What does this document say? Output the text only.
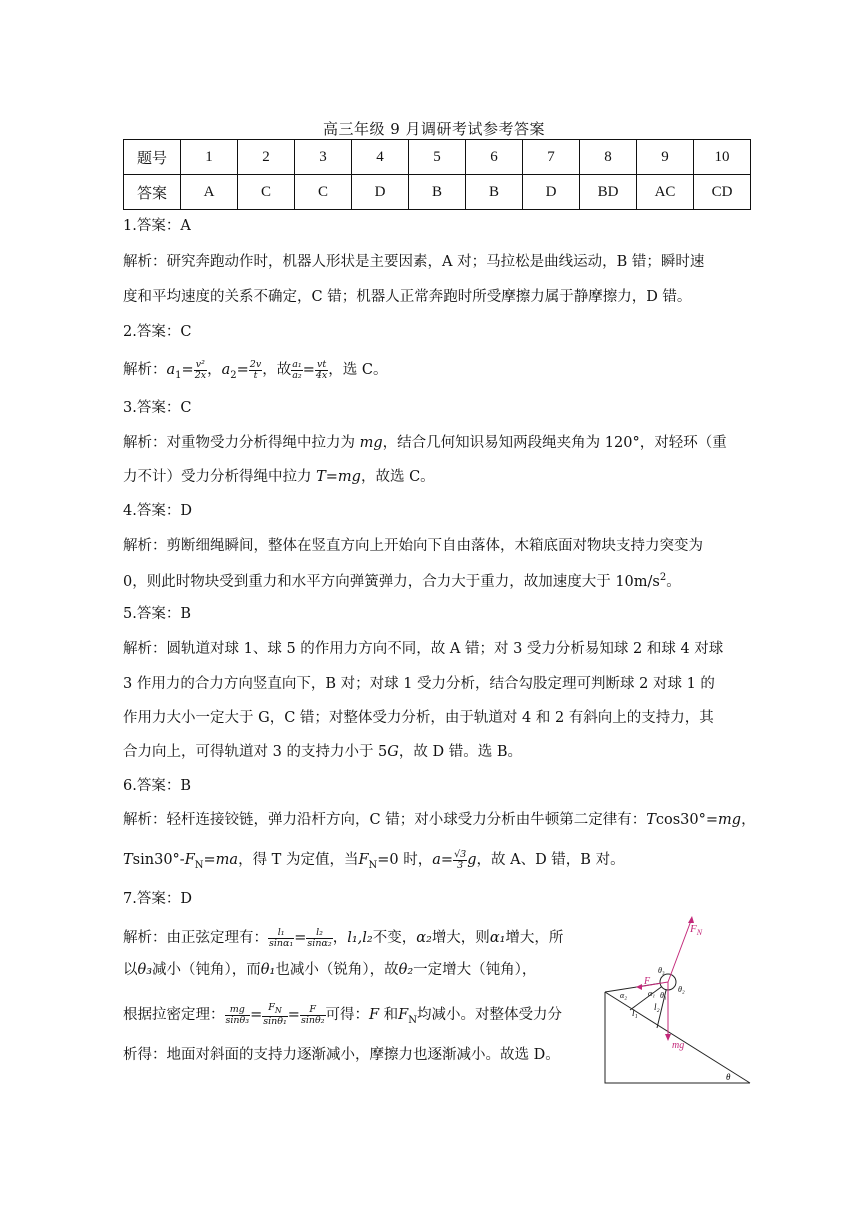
高三年级 9 月调研考试参考答案
题号	1	2	3	4	5	6	7	8	9	10
答案	A	C	C	D	B	B	D	BD	AC	CD
1.答案：A
解析：研究奔跑动作时，机器人形状是主要因素，A 对；马拉松是曲线运动，B 错；瞬时速
度和平均速度的关系不确定，C 错；机器人正常奔跑时所受摩擦力属于静摩擦力，D 错。
2.答案：C
解析：$a_1= \frac{\text{v²}}{2x}$ ，$a_2= \frac{2v}{t}$ ，故 $\frac{\text{a₁}}{\text{a₂}} = \frac{vt}{4x}$ ，选 C。
3.答案：C
解析：对重物受力分析得绳中拉力为 mg，结合几何知识易知两段绳夹角为 120°，对轻环（重
力不计）受力分析得绳中拉力 T=mg，故选 C。
4.答案：D
解析：剪断细绳瞬间，整体在竖直方向上开始向下自由落体，木箱底面对物块支持力突变为
0，则此时物块受到重力和水平方向弹簧弹力，合力大于重力，故加速度大于 $10m/s^2$。
5.答案：B
解析：圆轨道对球 1、球 5 的作用力方向不同，故 A 错；对 3 受力分析易知球 2 和球 4 对球
3 作用力的合力方向竖直向下，B 对；对球 1 受力分析，结合勾股定理可判断球 2 对球 1 的
作用力大小一定大于 G，C 错；对整体受力分析，由于轨道对 4 和 2 有斜向上的支持力，其
合力向上，可得轨道对 3 的支持力小于 5G，故 D 错。选 B。
6.答案：B
解析：轻杆连接铰链，弹力沿杆方向，C 错；对小球受力分析由牛顿第二定律有：Tcos30°=mg，
$Tsin30^\circ-F_N=ma$，得 T 为定值，当$F_N=0$ 时，$a= \frac{√3}{3}$ g，故 A、D 错，B 对。
7.答案：D
解析：由正弦定理有： $\frac{\text{l₁}}{\text{sinα₁}} = \frac{\text{l₂}}{\text{sinα₂}}$ ，l₁,l₂不变，α₂增大，则α₁增大，所
以θ₃减小（钝角），而θ₁也减小（锐角），故θ₂一定增大（钝角），
根据拉密定理： $\frac{mg}{\text{sinθ₃}} = \frac{F_N}{\text{sinθ₁}} = \frac{F}{\text{sinθ₂}}$ 可得：F 和$F_N$均减小。对整体受力分
析得：地面对斜面的支持力逐渐减小，摩擦力也逐渐减小。故选 D。
$F_N$
F
θ₃
θ₂
α₂	α₁ θ₁
l₁
l₂
mg
θ
